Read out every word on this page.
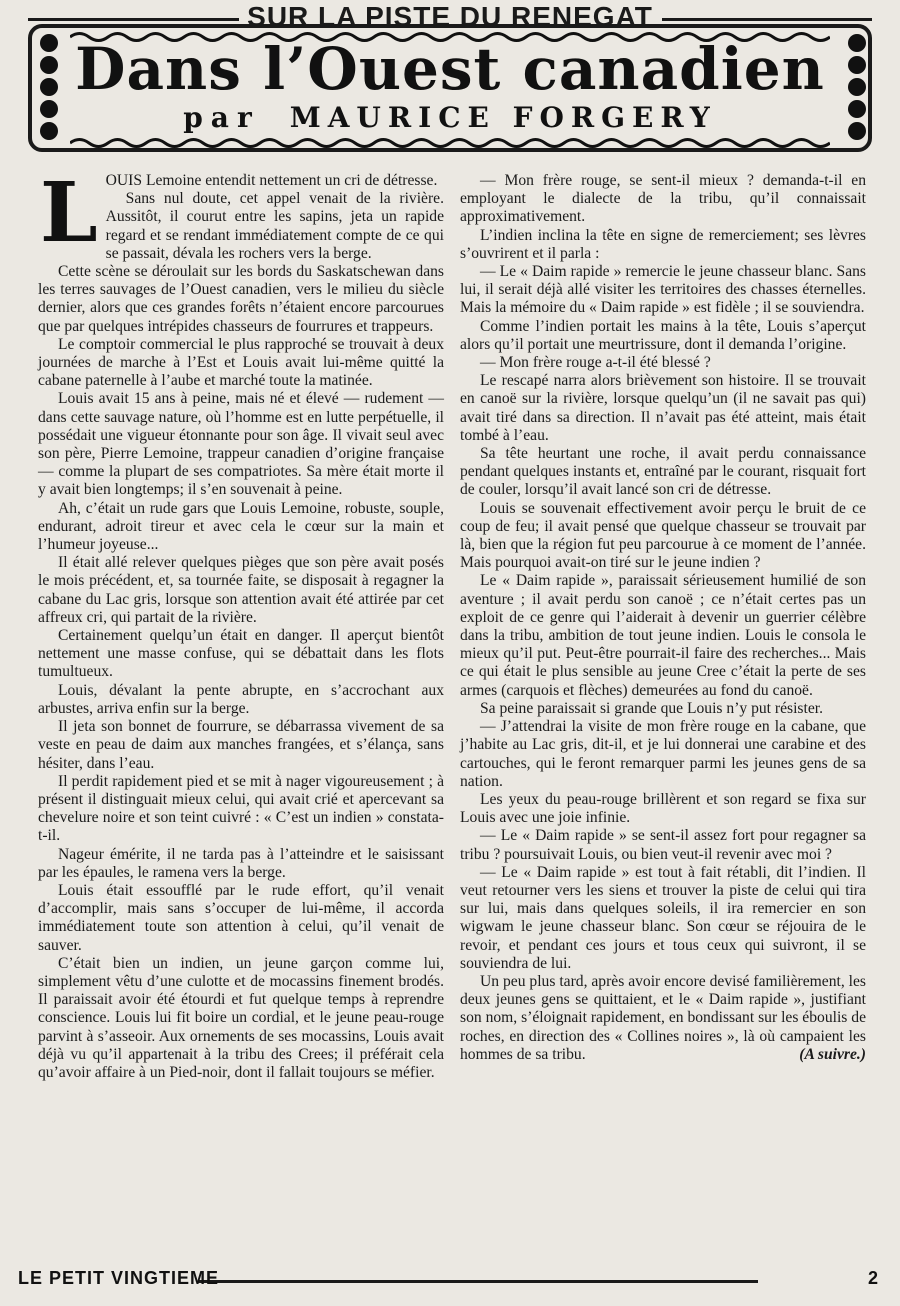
SUR LA PISTE DU RENEGAT
Dans l’Ouest canadien
par MAURICE FORGERY
L OUIS Lemoine entendit nettement un cri de détresse.

Sans nul doute, cet appel venait de la rivière. Aussitôt, il courut entre les sapins, jeta un rapide regard et se rendant immédiatement compte de ce qui se passait, dévala les rochers vers la berge.

Cette scène se déroulait sur les bords du Saskatschewan dans les terres sauvages de l’Ouest canadien, vers le milieu du siècle dernier, alors que ces grandes forêts n’étaient encore parcourues que par quelques intrépides chasseurs de fourrures et trappeurs.

Le comptoir commercial le plus rapproché se trouvait à deux journées de marche à l’Est et Louis avait lui-même quitté la cabane paternelle à l’aube et marché toute la matinée.

Louis avait 15 ans à peine, mais né et élevé — rudement — dans cette sauvage nature, où l’homme est en lutte perpétuelle, il possédait une vigueur étonnante pour son âge. Il vivait seul avec son père, Pierre Lemoine, trappeur canadien d’origine française — comme la plupart de ses compatriotes. Sa mère était morte il y avait bien longtemps; il s’en souvenait à peine.

Ah, c’était un rude gars que Louis Lemoine, robuste, souple, endurant, adroit tireur et avec cela le cœur sur la main et l’humeur joyeuse...

Il était allé relever quelques pièges que son père avait posés le mois précédent, et, sa tournée faite, se disposait à regagner la cabane du Lac gris, lorsque son attention avait été attirée par cet affreux cri, qui partait de la rivière.

Certainement quelqu’un était en danger. Il aperçut bientôt nettement une masse confuse, qui se débattait dans les flots tumultueux.

Louis, dévalant la pente abrupte, en s’accrochant aux arbustes, arriva enfin sur la berge.

Il jeta son bonnet de fourrure, se débarrassa vivement de sa veste en peau de daim aux manches frangées, et s’élança, sans hésiter, dans l’eau.

Il perdit rapidement pied et se mit à nager vigoureusement ; à présent il distinguait mieux celui, qui avait crié et apercevant sa chevelure noire et son teint cuivré : « C’est un indien » constata-t-il.

Nageur émérite, il ne tarda pas à l’atteindre et le saisissant par les épaules, le ramena vers la berge.

Louis était essoufflé par le rude effort, qu’il venait d’accomplir, mais sans s’occuper de lui-même, il accorda immédiatement toute son attention à celui, qu’il venait de sauver.

C’était bien un indien, un jeune garçon comme lui, simplement vêtu d’une culotte et de mocassins finement brodés. Il paraissait avoir été étourdi et fut quelque temps à reprendre conscience. Louis lui fit boire un cordial, et le jeune peau-rouge parvint à s’asseoir. Aux ornements de ses mocassins, Louis avait déjà vu qu’il appartenait à la tribu des Crees; il préférait cela qu’avoir affaire à un Pied-noir, dont il fallait toujours se méfier.

— Mon frère rouge, se sent-il mieux ? demanda-t-il en employant le dialecte de la tribu, qu’il connaissait approximativement.

L’indien inclina la tête en signe de remerciement; ses lèvres s’ouvrirent et il parla :

— Le « Daim rapide » remercie le jeune chasseur blanc. Sans lui, il serait déjà allé visiter les territoires des chasses éternelles. Mais la mémoire du « Daim rapide » est fidèle ; il se souviendra.

Comme l’indien portait les mains à la tête, Louis s’aperçut alors qu’il portait une meurtrissure, dont il demanda l’origine.

— Mon frère rouge a-t-il été blessé ?

Le rescapé narra alors brièvement son histoire. Il se trouvait en canoë sur la rivière, lorsque quelqu’un (il ne savait pas qui) avait tiré dans sa direction. Il n’avait pas été atteint, mais était tombé à l’eau.

Sa tête heurtant une roche, il avait perdu connaissance pendant quelques instants et, entraîné par le courant, risquait fort de couler, lorsqu’il avait lancé son cri de détresse.

Louis se souvenait effectivement avoir perçu le bruit de ce coup de feu; il avait pensé que quelque chasseur se trouvait par là, bien que la région fut peu parcourue à ce moment de l’année. Mais pourquoi avait-on tiré sur le jeune indien ?

Le « Daim rapide », paraissait sérieusement humilié de son aventure ; il avait perdu son canoë ; ce n’était certes pas un exploit de ce genre qui l’aiderait à devenir un guerrier célèbre dans la tribu, ambition de tout jeune indien. Louis le consola le mieux qu’il put. Peut-être pourrait-il faire des recherches... Mais ce qui était le plus sensible au jeune Cree c’était la perte de ses armes (carquois et flèches) demeurées au fond du canoë.

Sa peine paraissait si grande que Louis n’y put résister.

— J’attendrai la visite de mon frère rouge en la cabane, que j’habite au Lac gris, dit-il, et je lui donnerai une carabine et des cartouches, qui le feront remarquer parmi les jeunes gens de sa nation.

Les yeux du peau-rouge brillèrent et son regard se fixa sur Louis avec une joie infinie.

— Le « Daim rapide » se sent-il assez fort pour regagner sa tribu ? poursuivait Louis, ou bien veut-il revenir avec moi ?

— Le « Daim rapide » est tout à fait rétabli, dit l’indien. Il veut retourner vers les siens et trouver la piste de celui qui tira sur lui, mais dans quelques soleils, il ira remercier en son wigwam le jeune chasseur blanc. Son cœur se réjouira de le revoir, et pendant ces jours et tous ceux qui suivront, il se souviendra de lui.

Un peu plus tard, après avoir encore devisé familièrement, les deux jeunes gens se quittaient, et le « Daim rapide », justifiant son nom, s’éloignait rapidement, en bondissant sur les éboulis de roches, en direction des « Collines noires », là où campaient les hommes de sa tribu.	(A suivre.)

LE PETIT VINGTIEME	2
